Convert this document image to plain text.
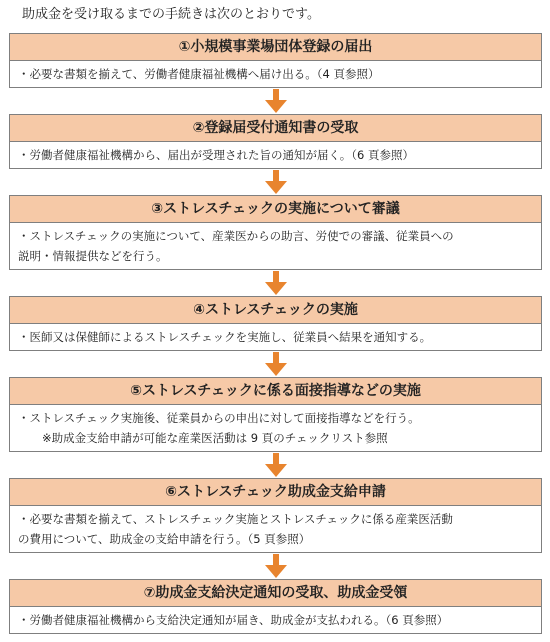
助成金を受け取るまでの手続きは次のとおりです。
①小規模事業場団体登録の届出
・必要な書類を揃えて、労働者健康福祉機構へ届け出る。（4 頁参照）
②登録届受付通知書の受取
・労働者健康福祉機構から、届出が受理された旨の通知が届く。（6 頁参照）
③ストレスチェックの実施について審議
・ストレスチェックの実施について、産業医からの助言、労使での審議、従業員への
説明・情報提供などを行う。
④ストレスチェックの実施
・医師又は保健師によるストレスチェックを実施し、従業員へ結果を通知する。
⑤ストレスチェックに係る面接指導などの実施
・ストレスチェック実施後、従業員からの申出に対して面接指導などを行う。
※助成金支給申請が可能な産業医活動は 9 頁のチェックリスト参照
⑥ストレスチェック助成金支給申請
・必要な書類を揃えて、ストレスチェック実施とストレスチェックに係る産業医活動
の費用について、助成金の支給申請を行う。（5 頁参照）
⑦助成金支給決定通知の受取、助成金受領
・労働者健康福祉機構から支給決定通知が届き、助成金が支払われる。（6 頁参照）
